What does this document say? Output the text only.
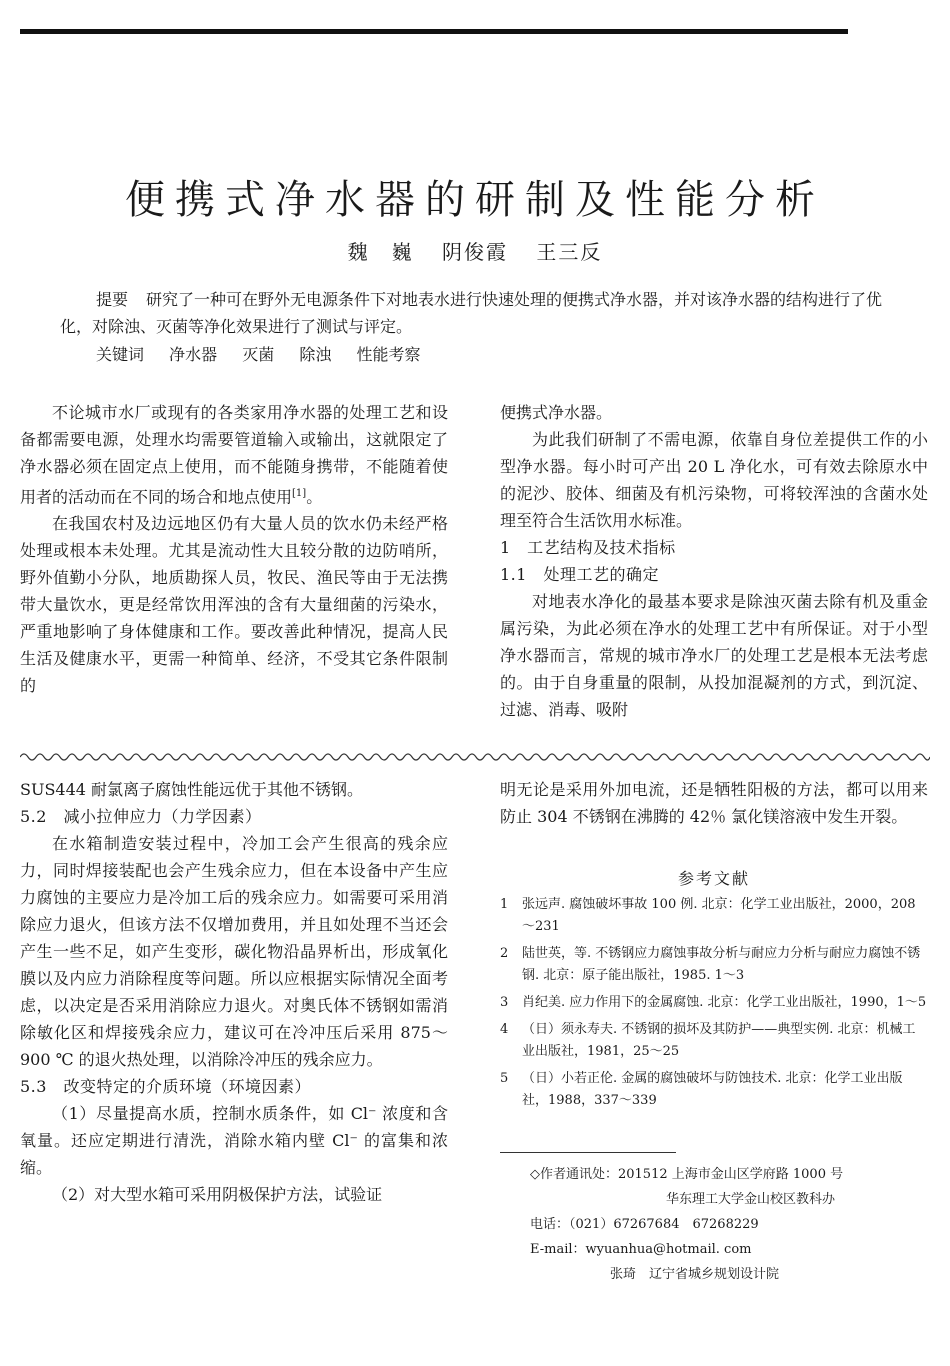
便携式净水器的研制及性能分析
魏　巍 阴俊霞 王三反

提要 研究了一种可在野外无电源条件下对地表水进行快速处理的便携式净水器，并对该净水器的结构进行了优化，对除浊、灭菌等净化效果进行了测试与评定。

关键词 净水器 灭菌 除浊 性能考察

不论城市水厂或现有的各类家用净水器的处理工艺和设备都需要电源，处理水均需要管道输入或输出，这就限定了净水器必须在固定点上使用，而不能随身携带，不能随着使用者的活动而在不同的场合和地点使用[1]。

在我国农村及边远地区仍有大量人员的饮水仍未经严格处理或根本未处理。尤其是流动性大且较分散的边防哨所，野外值勤小分队，地质勘探人员，牧民、渔民等由于无法携带大量饮水，更是经常饮用浑浊的含有大量细菌的污染水，严重地影响了身体健康和工作。要改善此种情况，提高人民生活及健康水平，更需一种简单、经济，不受其它条件限制的

便携式净水器。

为此我们研制了不需电源，依靠自身位差提供工作的小型净水器。每小时可产出 20 L 净化水，可有效去除原水中的泥沙、胶体、细菌及有机污染物，可将较浑浊的含菌水处理至符合生活饮用水标准。

1　工艺结构及技术指标

1.1　处理工艺的确定

对地表水净化的最基本要求是除浊灭菌去除有机及重金属污染，为此必须在净水的处理工艺中有所保证。对于小型净水器而言，常规的城市净水厂的处理工艺是根本无法考虑的。由于自身重量的限制，从投加混凝剂的方式，到沉淀、过滤、消毒、吸附

SUS444 耐氯离子腐蚀性能远优于其他不锈钢。

5.2　减小拉伸应力（力学因素）

在水箱制造安装过程中，冷加工会产生很高的残余应力，同时焊接装配也会产生残余应力，但在本设备中产生应力腐蚀的主要应力是冷加工后的残余应力。如需要可采用消除应力退火，但该方法不仅增加费用，并且如处理不当还会产生一些不足，如产生变形，碳化物沿晶界析出，形成氧化膜以及内应力消除程度等问题。所以应根据实际情况全面考虑，以决定是否采用消除应力退火。对奥氏体不锈钢如需消除敏化区和焊接残余应力，建议可在冷冲压后采用 875～900 ℃ 的退火热处理，以消除冷冲压的残余应力。

5.3　改变特定的介质环境（环境因素）

（1）尽量提高水质，控制水质条件，如 Cl⁻ 浓度和含氧量。还应定期进行清洗，消除水箱内壁 Cl⁻ 的富集和浓缩。

（2）对大型水箱可采用阴极保护方法，试验证

明无论是采用外加电流，还是牺牲阳极的方法，都可以用来防止 304 不锈钢在沸腾的 42％ 氯化镁溶液中发生开裂。

参考文献
1 张远声. 腐蚀破坏事故 100 例. 北京：化学工业出版社，2000，208～231
2 陆世英，等. 不锈钢应力腐蚀事故分析与耐应力分析与耐应力腐蚀不锈钢. 北京：原子能出版社，1985. 1～3
3 肖纪美. 应力作用下的金属腐蚀. 北京：化学工业出版社，1990，1～5
4 （日）须永寿夫. 不锈钢的损坏及其防护——典型实例. 北京：机械工业出版社，1981，25～25
5 （日）小若正伦. 金属的腐蚀破坏与防蚀技术. 北京：化学工业出版社，1988，337～339
◇作者通讯处：201512 上海市金山区学府路 1000 号
华东理工大学金山校区教科办
电话：（021）67267684　67268229
E-mail：wyuanhua@hotmail. com
张琦　辽宁省城乡规划设计院
